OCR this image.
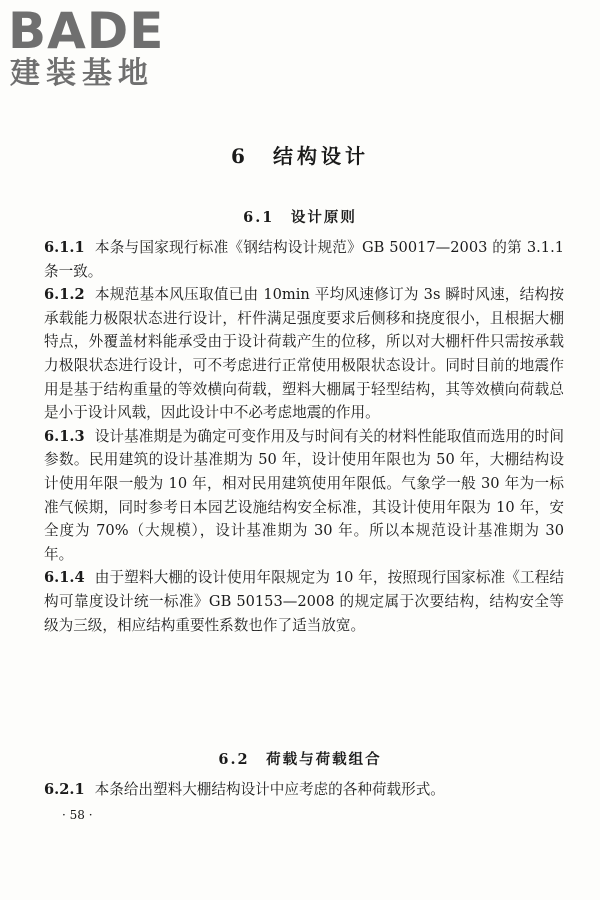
BADE

建装基地

6　结构设计
6.1　设计原则

6.1.1 本条与国家现行标准《钢结构设计规范》GB 50017—2003 的第 3.1.1 条一致。

6.1.2 本规范基本风压取值已由 10min 平均风速修订为 3s 瞬时风速，结构按承载能力极限状态进行设计，杆件满足强度要求后侧移和挠度很小，且根据大棚特点，外覆盖材料能承受由于设计荷载产生的位移，所以对大棚杆件只需按承载力极限状态进行设计，可不考虑进行正常使用极限状态设计。同时目前的地震作用是基于结构重量的等效横向荷载，塑料大棚属于轻型结构，其等效横向荷载总是小于设计风载，因此设计中不必考虑地震的作用。

6.1.3 设计基准期是为确定可变作用及与时间有关的材料性能取值而选用的时间参数。民用建筑的设计基准期为 50 年，设计使用年限也为 50 年，大棚结构设计使用年限一般为 10 年，相对民用建筑使用年限低。气象学一般 30 年为一标准气候期，同时参考日本园艺设施结构安全标准，其设计使用年限为 10 年，安全度为 70%（大规模），设计基准期为 30 年。所以本规范设计基准期为 30 年。

6.1.4 由于塑料大棚的设计使用年限规定为 10 年，按照现行国家标准《工程结构可靠度设计统一标准》GB 50153—2008 的规定属于次要结构，结构安全等级为三级，相应结构重要性系数也作了适当放宽。

6.2　荷载与荷载组合

6.2.1 本条给出塑料大棚结构设计中应考虑的各种荷载形式。

· 58 ·
